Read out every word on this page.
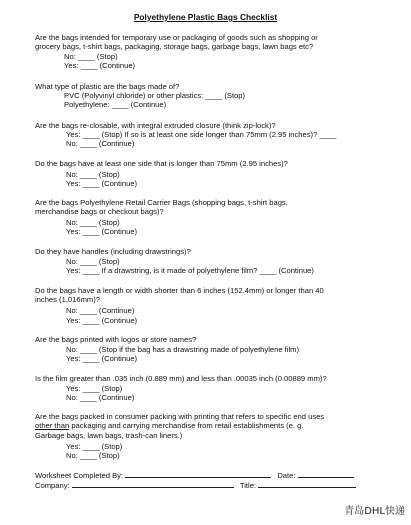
Polyethylene Plastic Bags Checklist
Are the bags intended for temporary use or packaging of goods such as shopping or
grocery bags, t-shirt bags, packaging, storage bags, garbage bags, lawn bags etc?
No: ____ (Stop)
Yes: ____ (Continue)
What type of plastic are the bags made of?
PVC (Polyvinyl chloride) or other plastics: ____ (Stop)
Polyethylene: ____ (Continue)
Are the bags re-closable, with integral extruded closure (think zip-lock)?
Yes: ____ (Stop) If so is at least one side longer than 75mm (2.95 inches)? ____
No: ____ (Continue)
Do the bags have at least one side that is longer than 75mm (2.95 inches)?
No: ____ (Stop)
Yes: ____ (Continue)
Are the bags Polyethylene Retail Carrier Bags (shopping bags, t-shirt bags,
merchandise bags or checkout bags)?
No: ____ (Stop)
Yes: ____ (Continue)
Do they have handles (including drawstrings)?
No: ____ (Stop)
Yes: ____ If a drawstring, is it made of polyethylene film? ____ (Continue)
Do the bags have a length or width shorter than 6 inches (152.4mm) or longer than 40
inches (1,016mm)?
No: ____ (Continue)
Yes: ____ (Continue)
Are the bags printed with logos or store names?
No: ____ (Stop if the bag has a drawstring made of polyethylene film)
Yes: ____ (Continue)
Is the film greater than .035 inch (0.889 mm) and less than .00035 inch (0.00889 mm)?
Yes: ____ (Stop)
No: ____ (Continue)
Are the bags packed in consumer packing with printing that refers to specific end uses
other than packaging and carrying merchandise from retail establishments (e. g.
Garbage bags, lawn bags, trash-can liners.)
Yes: ____ (Stop)
No: ____ (Stop)
Worksheet Completed By:	Date:
Company:	Title:
青岛DHL快递
